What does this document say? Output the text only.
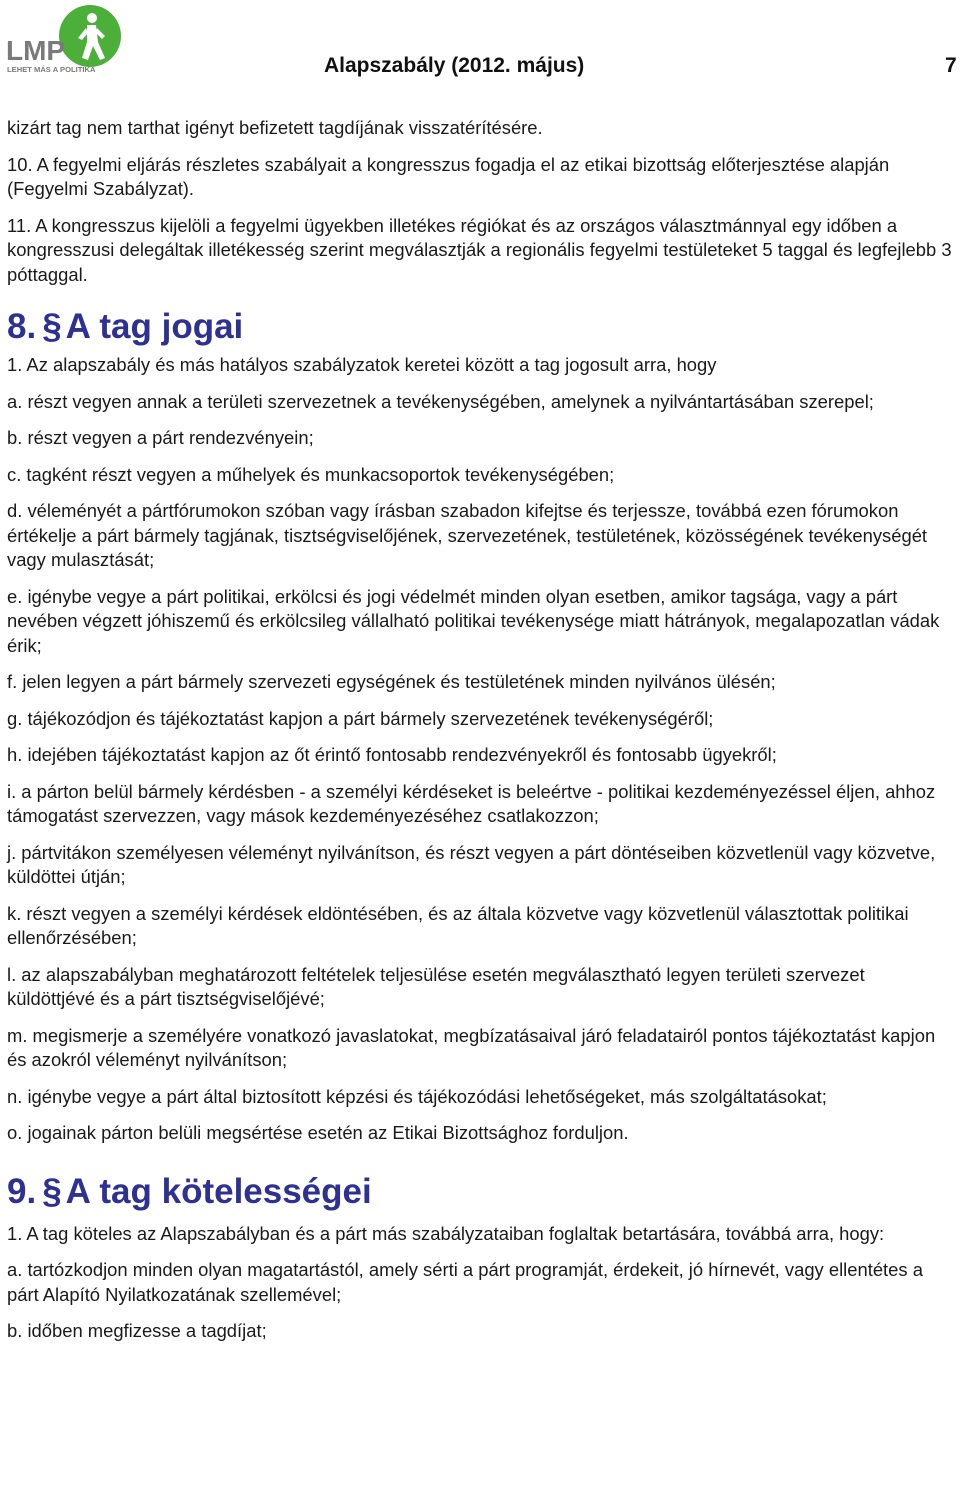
LMP
LEHET MÁS A POLITIKA	Alapszabály (2012. május)	7

kizárt tag nem tarthat igényt befizetett tagdíjának visszatérítésére.

10. A fegyelmi eljárás részletes szabályait a kongresszus fogadja el az etikai bizottság előterjesztése alapján (Fegyelmi Szabályzat).

11. A kongresszus kijelöli a fegyelmi ügyekben illetékes régiókat és az országos választmánnyal egy időben a kongresszusi delegáltak illetékesség szerint megválasztják a regionális fegyelmi testületeket 5 taggal és legfejlebb 3 póttaggal.

8. § A tag jogai

1. Az alapszabály és más hatályos szabályzatok keretei között a tag jogosult arra, hogy

a. részt vegyen annak a területi szervezetnek a tevékenységében, amelynek a nyilvántartásában szerepel;

b. részt vegyen a párt rendezvényein;

c. tagként részt vegyen a műhelyek és munkacsoportok tevékenységében;

d. véleményét a pártfórumokon szóban vagy írásban szabadon kifejtse és terjessze, továbbá ezen fórumokon értékelje a párt bármely tagjának, tisztségviselőjének, szervezetének, testületének, közösségének tevékenységét vagy mulasztását;

e. igénybe vegye a párt politikai, erkölcsi és jogi védelmét minden olyan esetben, amikor tagsága, vagy a párt nevében végzett jóhiszemű és erkölcsileg vállalható politikai tevékenysége miatt hátrányok, megalapozatlan vádak érik;

f. jelen legyen a párt bármely szervezeti egységének és testületének minden nyilvános ülésén;

g. tájékozódjon és tájékoztatást kapjon a párt bármely szervezetének tevékenységéről;

h. idejében tájékoztatást kapjon az őt érintő fontosabb rendezvényekről és fontosabb ügyekről;

i. a párton belül bármely kérdésben - a személyi kérdéseket is beleértve - politikai kezdeményezéssel éljen, ahhoz támogatást szervezzen, vagy mások kezdeményezéséhez csatlakozzon;

j. pártvitákon személyesen véleményt nyilvánítson, és részt vegyen a párt döntéseiben közvetlenül vagy közvetve, küldöttei útján;

k. részt vegyen a személyi kérdések eldöntésében, és az általa közvetve vagy közvetlenül választottak politikai ellenőrzésében;

l. az alapszabályban meghatározott feltételek teljesülése esetén megválasztható legyen területi szervezet küldöttjévé és a párt tisztségviselőjévé;

m. megismerje a személyére vonatkozó javaslatokat, megbízatásaival járó feladatairól pontos tájékoztatást kapjon és azokról véleményt nyilvánítson;

n. igénybe vegye a párt által biztosított képzési és tájékozódási lehetőségeket, más szolgáltatásokat;

o. jogainak párton belüli megsértése esetén az Etikai Bizottsághoz forduljon.

9. § A tag kötelességei

1. A tag köteles az Alapszabályban és a párt más szabályzataiban foglaltak betartására, továbbá arra, hogy:

a. tartózkodjon minden olyan magatartástól, amely sérti a párt programját, érdekeit, jó hírnevét, vagy ellentétes a párt Alapító Nyilatkozatának szellemével;

b. időben megfizesse a tagdíjat;
